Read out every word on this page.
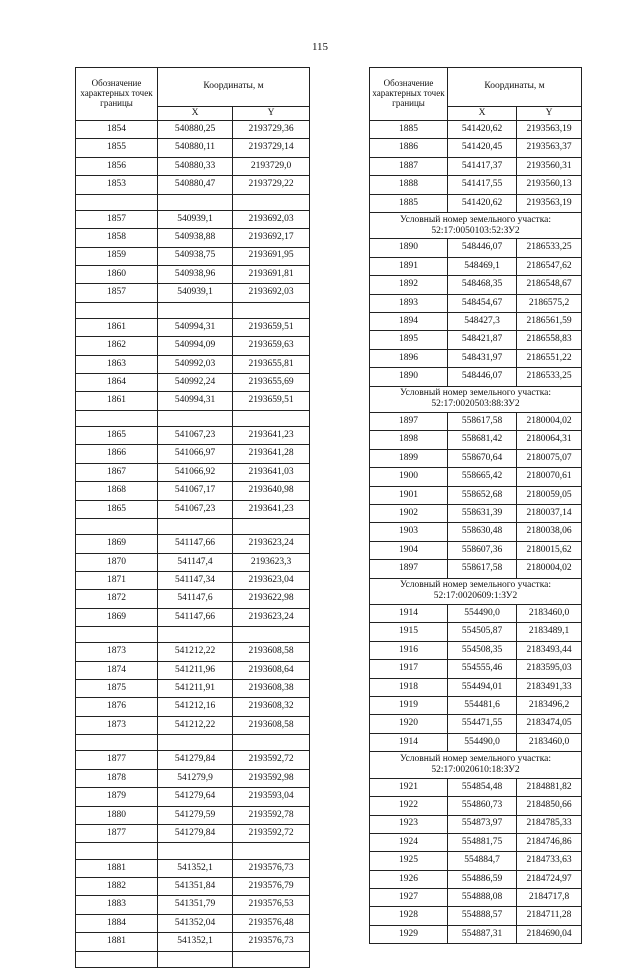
115
Обозначение характерных точек границы	Координаты, м	
	X	Y
1854	540880,25	2193729,36
1855	540880,11	2193729,14
1856	540880,33	2193729,0
1853	540880,47	2193729,22

1857	540939,1	2193692,03
1858	540938,88	2193692,17
1859	540938,75	2193691,95
1860	540938,96	2193691,81
1857	540939,1	2193692,03

1861	540994,31	2193659,51
1862	540994,09	2193659,63
1863	540992,03	2193655,81
1864	540992,24	2193655,69
1861	540994,31	2193659,51

1865	541067,23	2193641,23
1866	541066,97	2193641,28
1867	541066,92	2193641,03
1868	541067,17	2193640,98
1865	541067,23	2193641,23

1869	541147,66	2193623,24
1870	541147,4	2193623,3
1871	541147,34	2193623,04
1872	541147,6	2193622,98
1869	541147,66	2193623,24

1873	541212,22	2193608,58
1874	541211,96	2193608,64
1875	541211,91	2193608,38
1876	541212,16	2193608,32
1873	541212,22	2193608,58

1877	541279,84	2193592,72
1878	541279,9	2193592,98
1879	541279,64	2193593,04
1880	541279,59	2193592,78
1877	541279,84	2193592,72

1881	541352,1	2193576,73
1882	541351,84	2193576,79
1883	541351,79	2193576,53
1884	541352,04	2193576,48
1881	541352,1	2193576,73

Обозначение характерных точек границы	Координаты, м	
	X	Y
1885	541420,62	2193563,19
1886	541420,45	2193563,37
1887	541417,37	2193560,31
1888	541417,55	2193560,13
1885	541420,62	2193563,19
Условный номер земельного участка: 52:17:0050103:52:ЗУ2		
1890	548446,07	2186533,25
1891	548469,1	2186547,62
1892	548468,35	2186548,67
1893	548454,67	2186575,2
1894	548427,3	2186561,59
1895	548421,87	2186558,83
1896	548431,97	2186551,22
1890	548446,07	2186533,25
Условный номер земельного участка: 52:17:0020503:88:ЗУ2		
1897	558617,58	2180004,02
1898	558681,42	2180064,31
1899	558670,64	2180075,07
1900	558665,42	2180070,61
1901	558652,68	2180059,05
1902	558631,39	2180037,14
1903	558630,48	2180038,06
1904	558607,36	2180015,62
1897	558617,58	2180004,02
Условный номер земельного участка: 52:17:0020609:1:ЗУ2		
1914	554490,0	2183460,0
1915	554505,87	2183489,1
1916	554508,35	2183493,44
1917	554555,46	2183595,03
1918	554494,01	2183491,33
1919	554481,6	2183496,2
1920	554471,55	2183474,05
1914	554490,0	2183460,0
Условный номер земельного участка: 52:17:0020610:18:ЗУ2		
1921	554854,48	2184881,82
1922	554860,73	2184850,66
1923	554873,97	2184785,33
1924	554881,75	2184746,86
1925	554884,7	2184733,63
1926	554886,59	2184724,97
1927	554888,08	2184717,8
1928	554888,57	2184711,28
1929	554887,31	2184690,04
